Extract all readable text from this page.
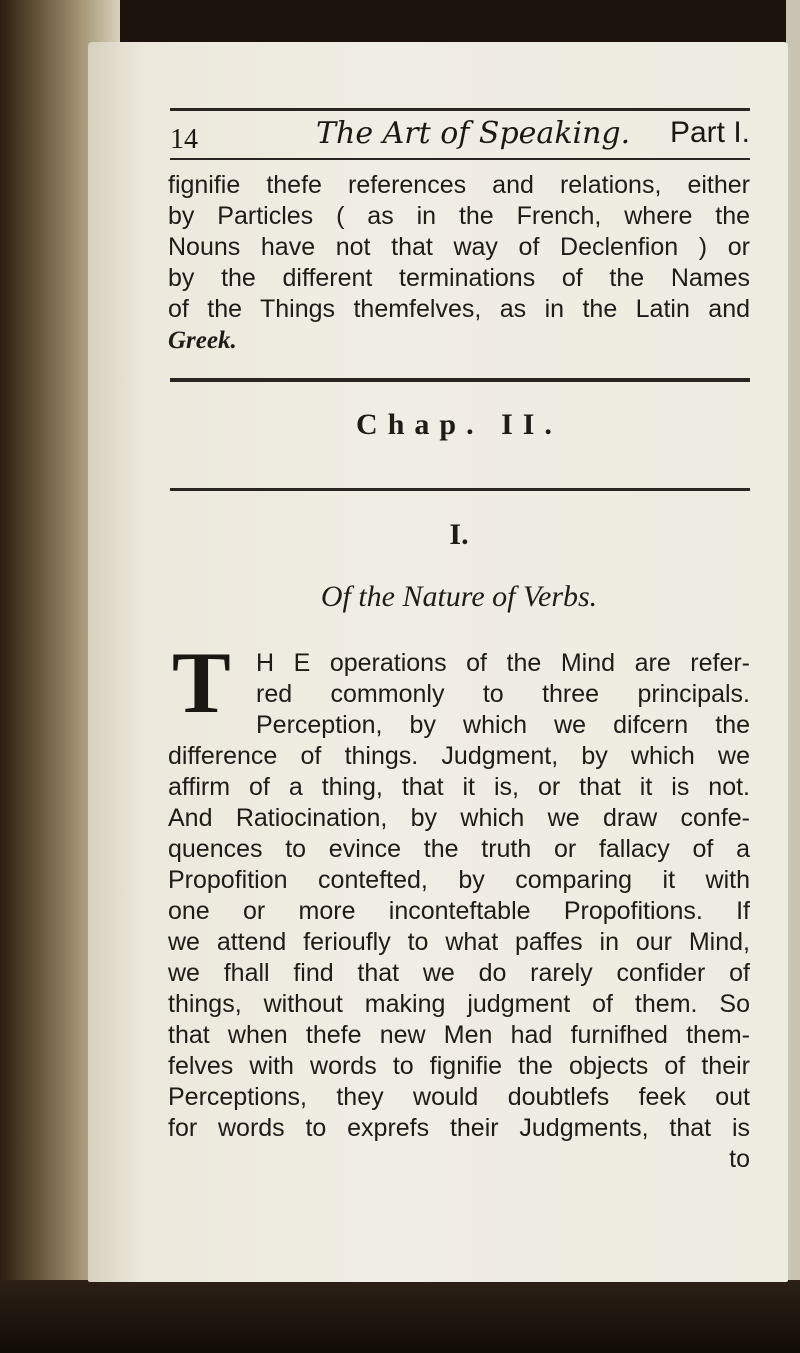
14	The Art of Speaking. Part I.
fignifie thefe references and relations, either
by Particles ( as in the French, where the
Nouns have not that way of Declenfion ) or
by the different terminations of the Names
of the Things themfelves, as in the Latin and
Greek.
Chap. II.
I.
Of the Nature of Verbs.
T H E operations of the Mind are refer-
red commonly to three principals.
Perception, by which we difcern the
difference of things. Judgment, by which we
affirm of a thing, that it is, or that it is not.
And Ratiocination, by which we draw confe-
quences to evince the truth or fallacy of a
Propofition contefted, by comparing it with
one or more inconteftable Propofitions. If
we attend ferioufly to what paffes in our Mind,
we fhall find that we do rarely confider of
things, without making judgment of them. So
that when thefe new Men had furnifhed them-
felves with words to fignifie the objects of their
Perceptions, they would doubtlefs feek out
for words to exprefs their Judgments, that is
to
